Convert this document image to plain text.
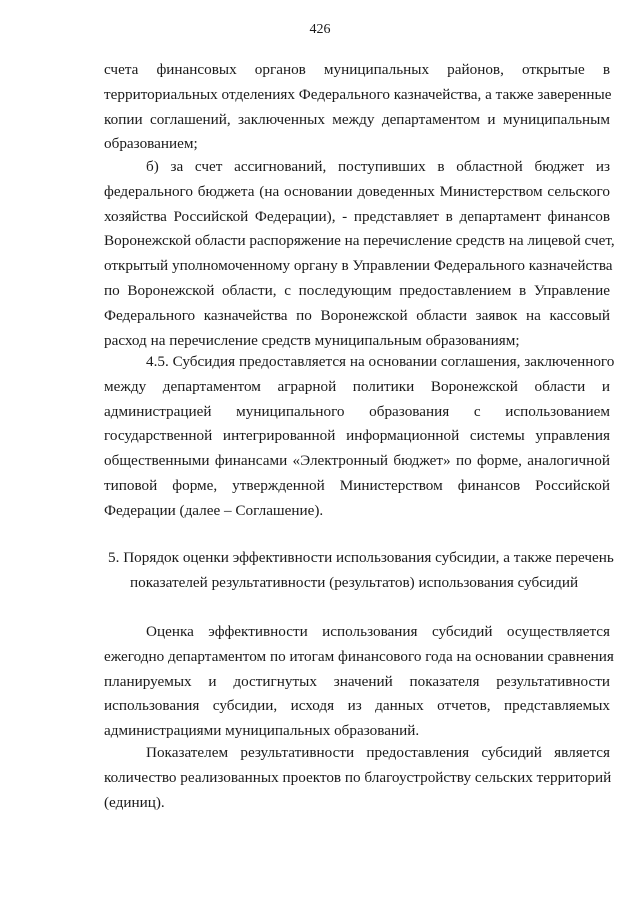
426
счета финансовых органов муниципальных районов, открытые в
территориальных отделениях Федерального казначейства, а также заверенные
копии соглашений, заключенных между департаментом и муниципальным
образованием;
б) за счет ассигнований, поступивших в областной бюджет из
федерального бюджета (на основании доведенных Министерством сельского
хозяйства Российской Федерации), - представляет в департамент финансов
Воронежской области распоряжение на перечисление средств на лицевой счет,
открытый уполномоченному органу в Управлении Федерального казначейства
по Воронежской области, с последующим предоставлением в Управление
Федерального казначейства по Воронежской области заявок на кассовый
расход на перечисление средств муниципальным образованиям;
4.5. Субсидия предоставляется на основании соглашения, заключенного
между департаментом аграрной политики Воронежской области и
администрацией муниципального образования с использованием
государственной интегрированной информационной системы управления
общественными финансами «Электронный бюджет» по форме, аналогичной
типовой форме, утвержденной Министерством финансов Российской
Федерации (далее – Соглашение).
5. Порядок оценки эффективности использования субсидии, а также перечень
показателей результативности (результатов) использования субсидий
Оценка эффективности использования субсидий осуществляется
ежегодно департаментом по итогам финансового года на основании сравнения
планируемых и достигнутых значений показателя результативности
использования субсидии, исходя из данных отчетов, представляемых
администрациями муниципальных образований.
Показателем результативности предоставления субсидий является
количество реализованных проектов по благоустройству сельских территорий
(единиц).
